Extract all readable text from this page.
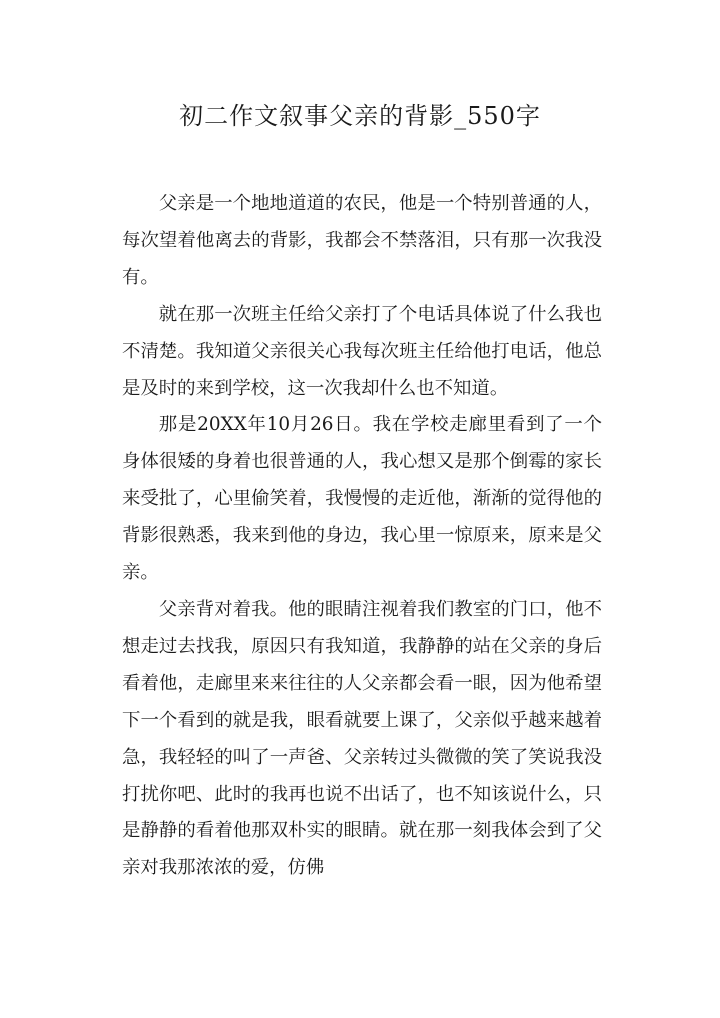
初二作文叙事父亲的背影_550字

父亲是一个地地道道的农民，他是一个特别普通的人，每次望着他离去的背影，我都会不禁落泪，只有那一次我没有。

就在那一次班主任给父亲打了个电话具体说了什么我也不清楚。我知道父亲很关心我每次班主任给他打电话，他总是及时的来到学校，这一次我却什么也不知道。

那是20XX年10月26日。我在学校走廊里看到了一个身体很矮的身着也很普通的人，我心想又是那个倒霉的家长来受批了，心里偷笑着，我慢慢的走近他，渐渐的觉得他的背影很熟悉，我来到他的身边，我心里一惊原来，原来是父亲。

父亲背对着我。他的眼睛注视着我们教室的门口，他不想走过去找我，原因只有我知道，我静静的站在父亲的身后看着他，走廊里来来往往的人父亲都会看一眼，因为他希望下一个看到的就是我，眼看就要上课了，父亲似乎越来越着急，我轻轻的叫了一声爸、父亲转过头微微的笑了笑说我没打扰你吧、此时的我再也说不出话了，也不知该说什么，只是静静的看着他那双朴实的眼睛。就在那一刻我体会到了父亲对我那浓浓的爱，仿佛
